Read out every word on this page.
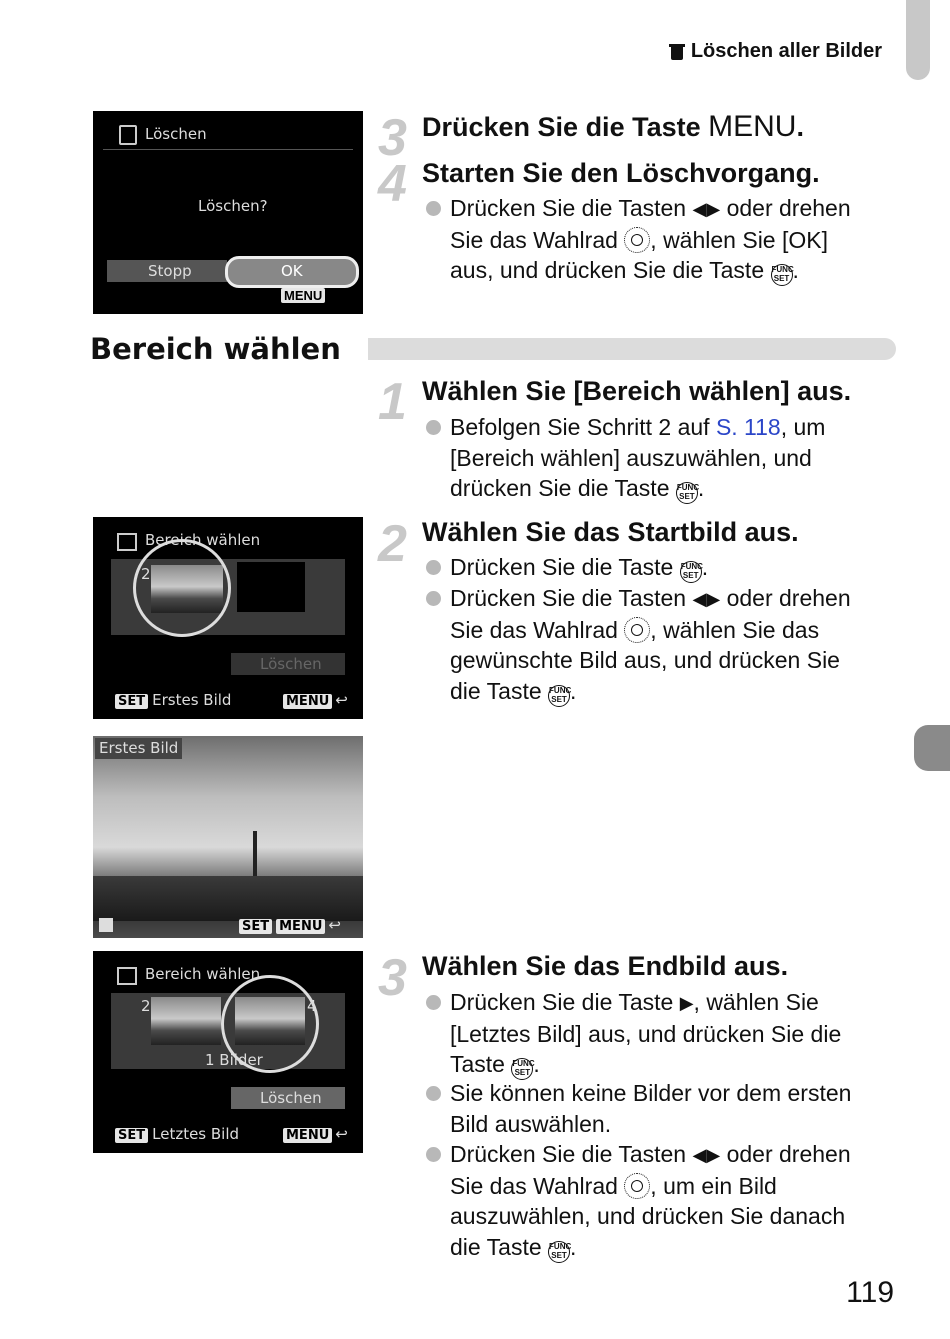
Löschen aller Bilder
Löschen
Löschen?
Stopp	OK
MENU
3 Drücken Sie die Taste MENU.
4 Starten Sie den Löschvorgang.
Drücken Sie die Tasten ◀▶ oder drehen
Sie das Wahlrad , wählen Sie [OK]
aus, und drücken Sie die Taste FUNC SET .
Bereich wählen
1 Wählen Sie [Bereich wählen] aus.
Befolgen Sie Schritt 2 auf S. 118, um
[Bereich wählen] auszuwählen, und
drücken Sie die Taste FUNC SET .
Bereich wählen
2
Löschen
SET Erstes Bild	MENU ↩
2 Wählen Sie das Startbild aus.
Drücken Sie die Taste FUNC SET .
Drücken Sie die Tasten ◀▶ oder drehen
Sie das Wahlrad , wählen Sie das
gewünschte Bild aus, und drücken Sie
die Taste FUNC SET .
Erstes Bild
SET MENU ↩
Bereich wählen
2	4
1 Bilder
Löschen
SET Letztes Bild	MENU ↩
3 Wählen Sie das Endbild aus.
Drücken Sie die Taste ▶, wählen Sie
[Letztes Bild] aus, und drücken Sie die
Taste FUNC SET .
Sie können keine Bilder vor dem ersten
Bild auswählen.
Drücken Sie die Tasten ◀▶ oder drehen
Sie das Wahlrad , um ein Bild
auszuwählen, und drücken Sie danach
die Taste FUNC SET .
119
